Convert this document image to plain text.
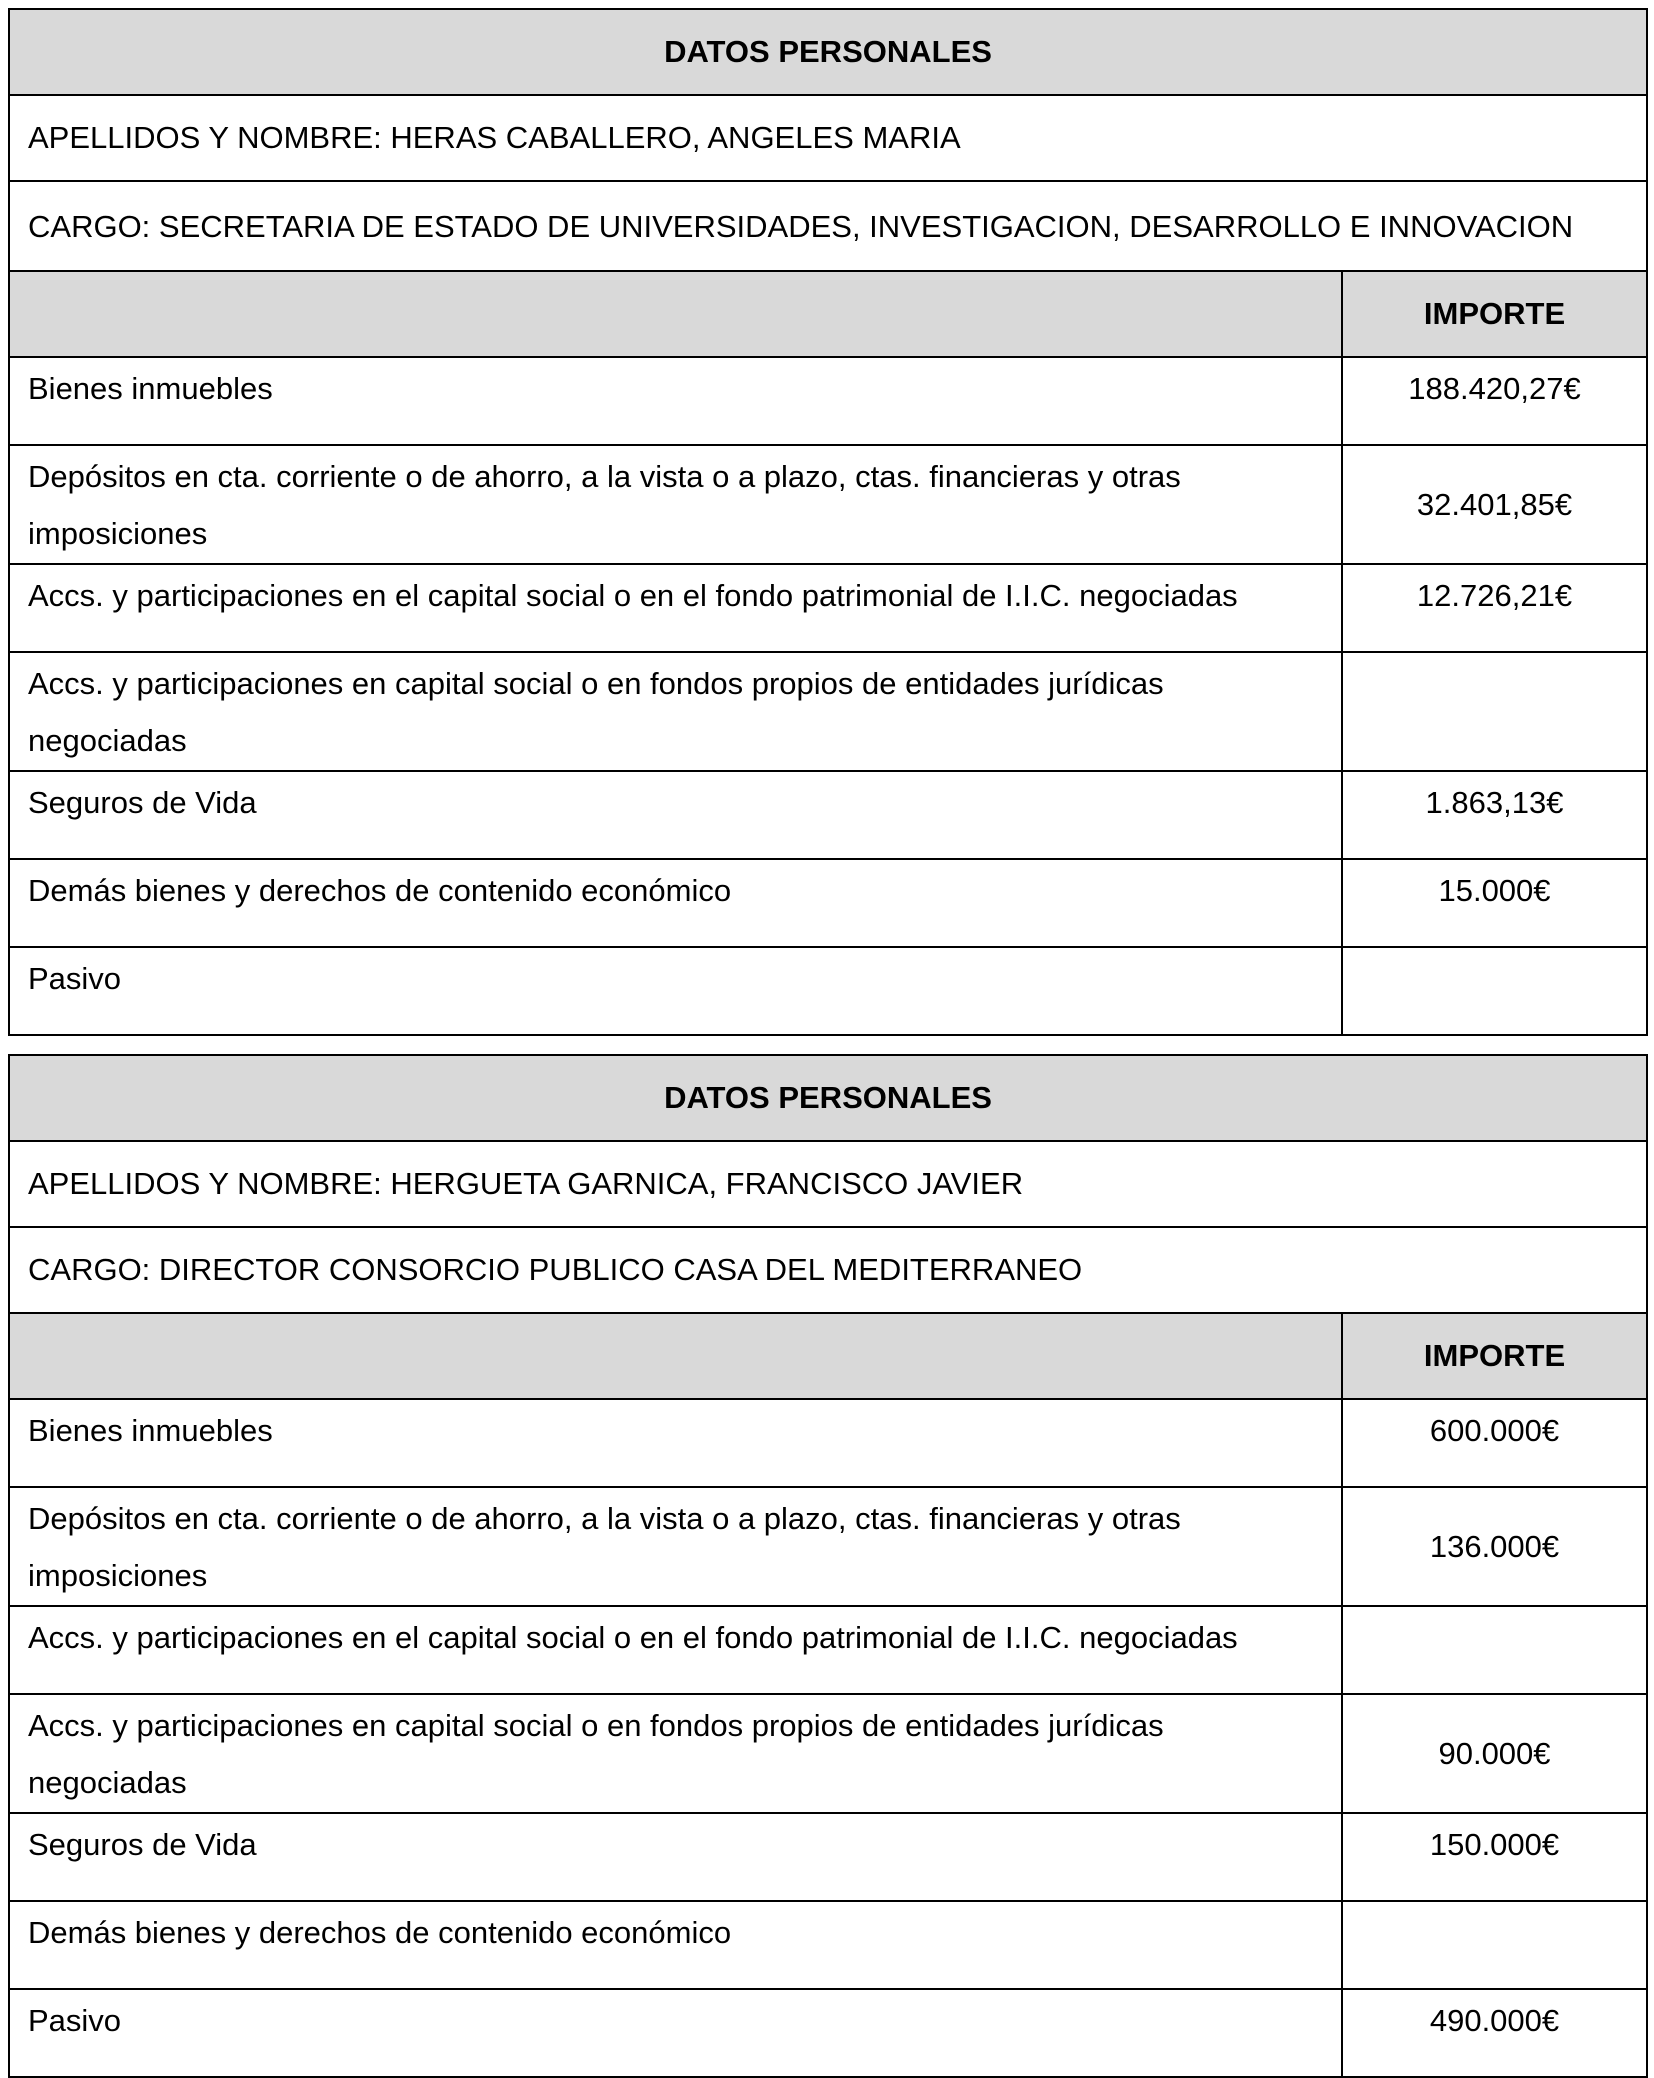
DATOS PERSONALES	
APELLIDOS Y NOMBRE: HERAS CABALLERO, ANGELES MARIA	
CARGO: SECRETARIA DE ESTADO DE UNIVERSIDADES, INVESTIGACION, DESARROLLO E INNOVACION	
	IMPORTE
Bienes inmuebles	188.420,27€
Depósitos en cta. corriente o de ahorro, a la vista o a plazo, ctas. financieras y otras imposiciones	32.401,85€
Accs. y participaciones en el capital social o en el fondo patrimonial de I.I.C. negociadas	12.726,21€
Accs. y participaciones en capital social o en fondos propios de entidades jurídicas negociadas	
Seguros de Vida	1.863,13€
Demás bienes y derechos de contenido económico	15.000€
Pasivo	
DATOS PERSONALES	
APELLIDOS Y NOMBRE: HERGUETA GARNICA, FRANCISCO JAVIER	
CARGO: DIRECTOR CONSORCIO PUBLICO CASA DEL MEDITERRANEO	
	IMPORTE
Bienes inmuebles	600.000€
Depósitos en cta. corriente o de ahorro, a la vista o a plazo, ctas. financieras y otras imposiciones	136.000€
Accs. y participaciones en el capital social o en el fondo patrimonial de I.I.C. negociadas	
Accs. y participaciones en capital social o en fondos propios de entidades jurídicas negociadas	90.000€
Seguros de Vida	150.000€
Demás bienes y derechos de contenido económico	
Pasivo	490.000€
